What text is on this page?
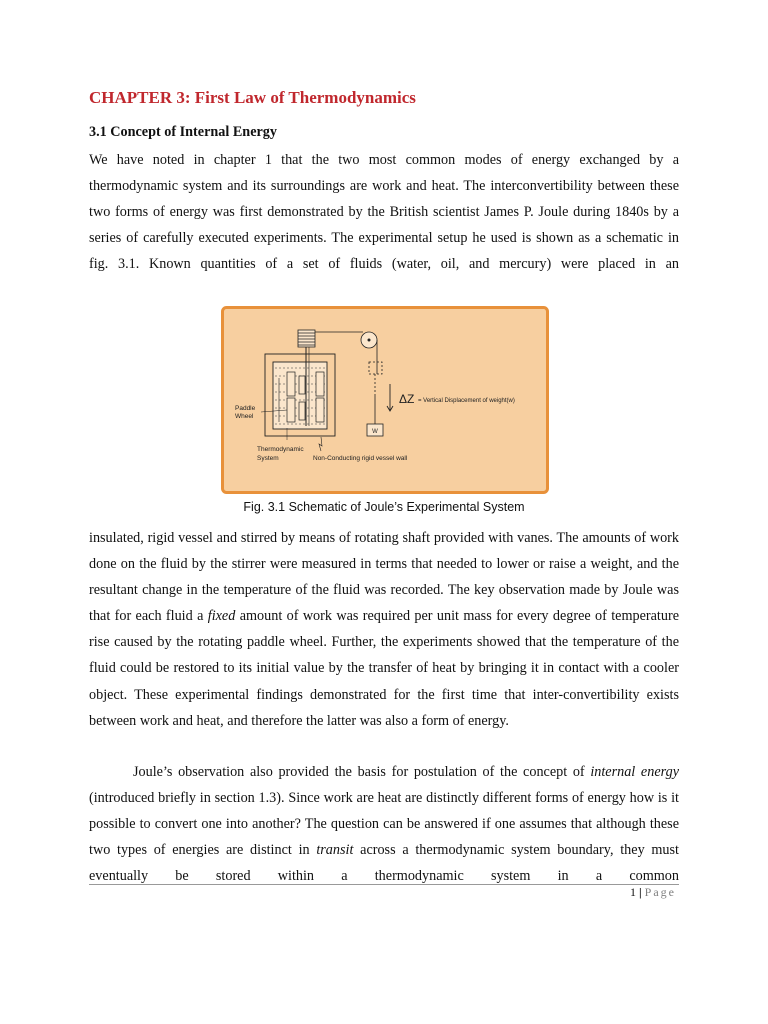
CHAPTER 3: First Law of Thermodynamics
3.1 Concept of Internal Energy

We have noted in chapter 1 that the two most common modes of energy exchanged by a thermodynamic system and its surroundings are work and heat. The interconvertibility between these two forms of energy was first demonstrated by the British scientist James P. Joule during 1840s by a series of carefully executed experiments. The experimental setup he used is shown as a schematic in fig. 3.1. Known quantities of a set of fluids (water, oil, and mercury) were placed in an

W
ΔZ = Vertical Displacement of weight(w)
Paddle
Wheel
Thermodynamic
System	Non-Conducting rigid vessel wall

Fig. 3.1 Schematic of Joule’s Experimental System

insulated, rigid vessel and stirred by means of rotating shaft provided with vanes. The amounts of work done on the fluid by the stirrer were measured in terms that needed to lower or raise a weight, and the resultant change in the temperature of the fluid was recorded. The key observation made by Joule was that for each fluid a fixed amount of work was required per unit mass for every degree of temperature rise caused by the rotating paddle wheel. Further, the experiments showed that the temperature of the fluid could be restored to its initial value by the transfer of heat by bringing it in contact with a cooler object. These experimental findings demonstrated for the first time that inter-convertibility exists between work and heat, and therefore the latter was also a form of energy.

Joule’s observation also provided the basis for postulation of the concept of internal energy (introduced briefly in section 1.3). Since work are heat are distinctly different forms of energy how is it possible to convert one into another? The question can be answered if one assumes that although these two types of energies are distinct in transit across a thermodynamic system boundary, they must eventually be stored within a thermodynamic system in a common

1 | Page
